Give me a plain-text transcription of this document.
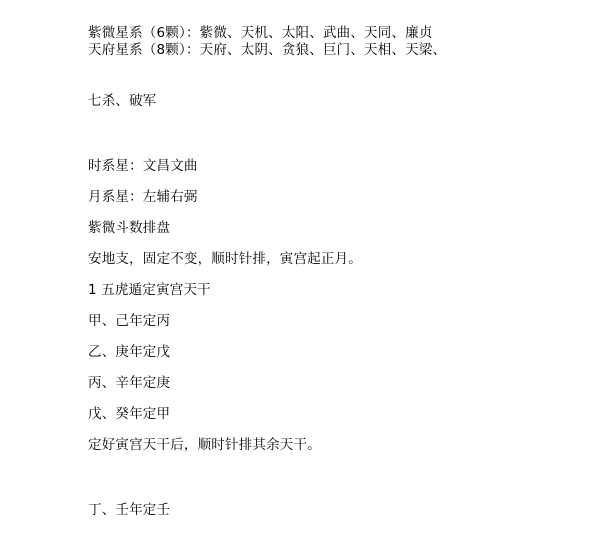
紫微星系（6颗）：紫微、天机、太阳、武曲、天同、廉贞

天府星系（8颗）：天府、太阴、贪狼、巨门、天相、天梁、

七杀、破军

时系星：文昌文曲

月系星：左辅右弼

紫微斗数排盘

安地支，固定不变，顺时针排，寅宫起正月。

1 五虎遁定寅宫天干

甲、己年定丙

乙、庚年定戊

丙、辛年定庚

戊、癸年定甲

定好寅宫天干后，顺时针排其余天干。

丁、壬年定壬
